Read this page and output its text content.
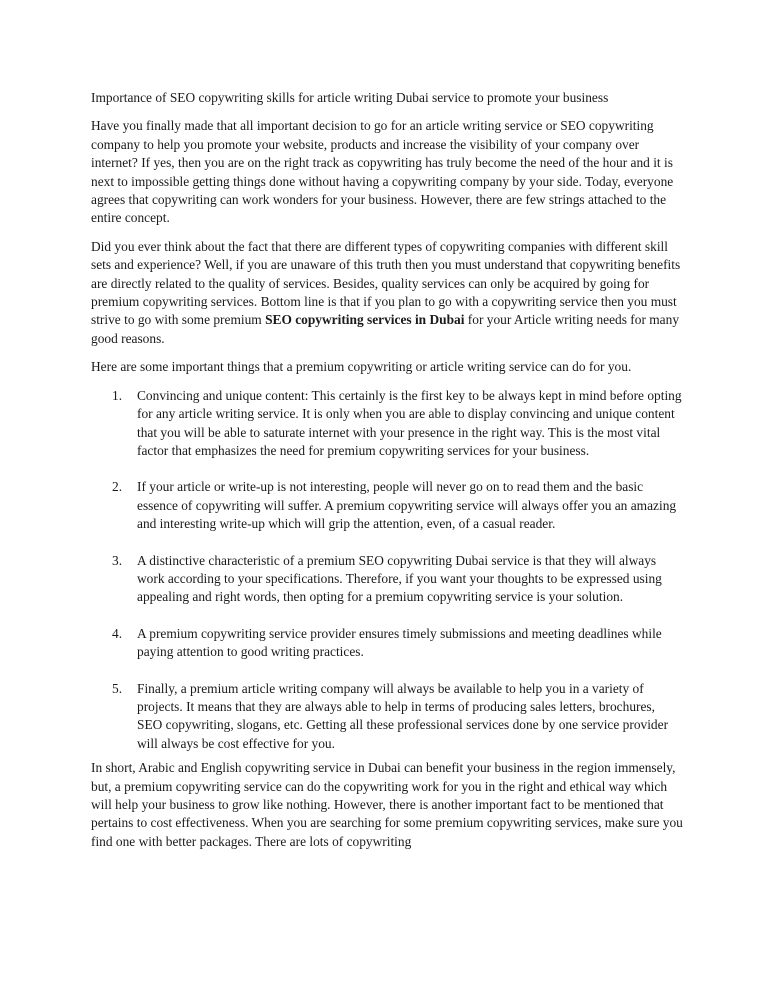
Importance of SEO copywriting skills for article writing Dubai service to promote your business

Have you finally made that all important decision to go for an article writing service or SEO copywriting company to help you promote your website, products and increase the visibility of your company over internet? If yes, then you are on the right track as copywriting has truly become the need of the hour and it is next to impossible getting things done without having a copywriting company by your side. Today, everyone agrees that copywriting can work wonders for your business. However, there are few strings attached to the entire concept.

Did you ever think about the fact that there are different types of copywriting companies with different skill sets and experience? Well, if you are unaware of this truth then you must understand that copywriting benefits are directly related to the quality of services. Besides, quality services can only be acquired by going for premium copywriting services. Bottom line is that if you plan to go with a copywriting service then you must strive to go with some premium SEO copywriting services in Dubai for your Article writing needs for many good reasons.

Here are some important things that a premium copywriting or article writing service can do for you.

1. Convincing and unique content: This certainly is the first key to be always kept in mind before opting for any article writing service. It is only when you are able to display convincing and unique content that you will be able to saturate internet with your presence in the right way. This is the most vital factor that emphasizes the need for premium copywriting services for your business.
2. If your article or write-up is not interesting, people will never go on to read them and the basic essence of copywriting will suffer. A premium copywriting service will always offer you an amazing and interesting write-up which will grip the attention, even, of a casual reader.
3. A distinctive characteristic of a premium SEO copywriting Dubai service is that they will always work according to your specifications. Therefore, if you want your thoughts to be expressed using appealing and right words, then opting for a premium copywriting service is your solution.
4. A premium copywriting service provider ensures timely submissions and meeting deadlines while paying attention to good writing practices.
5. Finally, a premium article writing company will always be available to help you in a variety of projects. It means that they are always able to help in terms of producing sales letters, brochures, SEO copywriting, slogans, etc. Getting all these professional services done by one service provider will always be cost effective for you.

In short, Arabic and English copywriting service in Dubai can benefit your business in the region immensely, but, a premium copywriting service can do the copywriting work for you in the right and ethical way which will help your business to grow like nothing. However, there is another important fact to be mentioned that pertains to cost effectiveness. When you are searching for some premium copywriting services, make sure you find one with better packages. There are lots of copywriting
